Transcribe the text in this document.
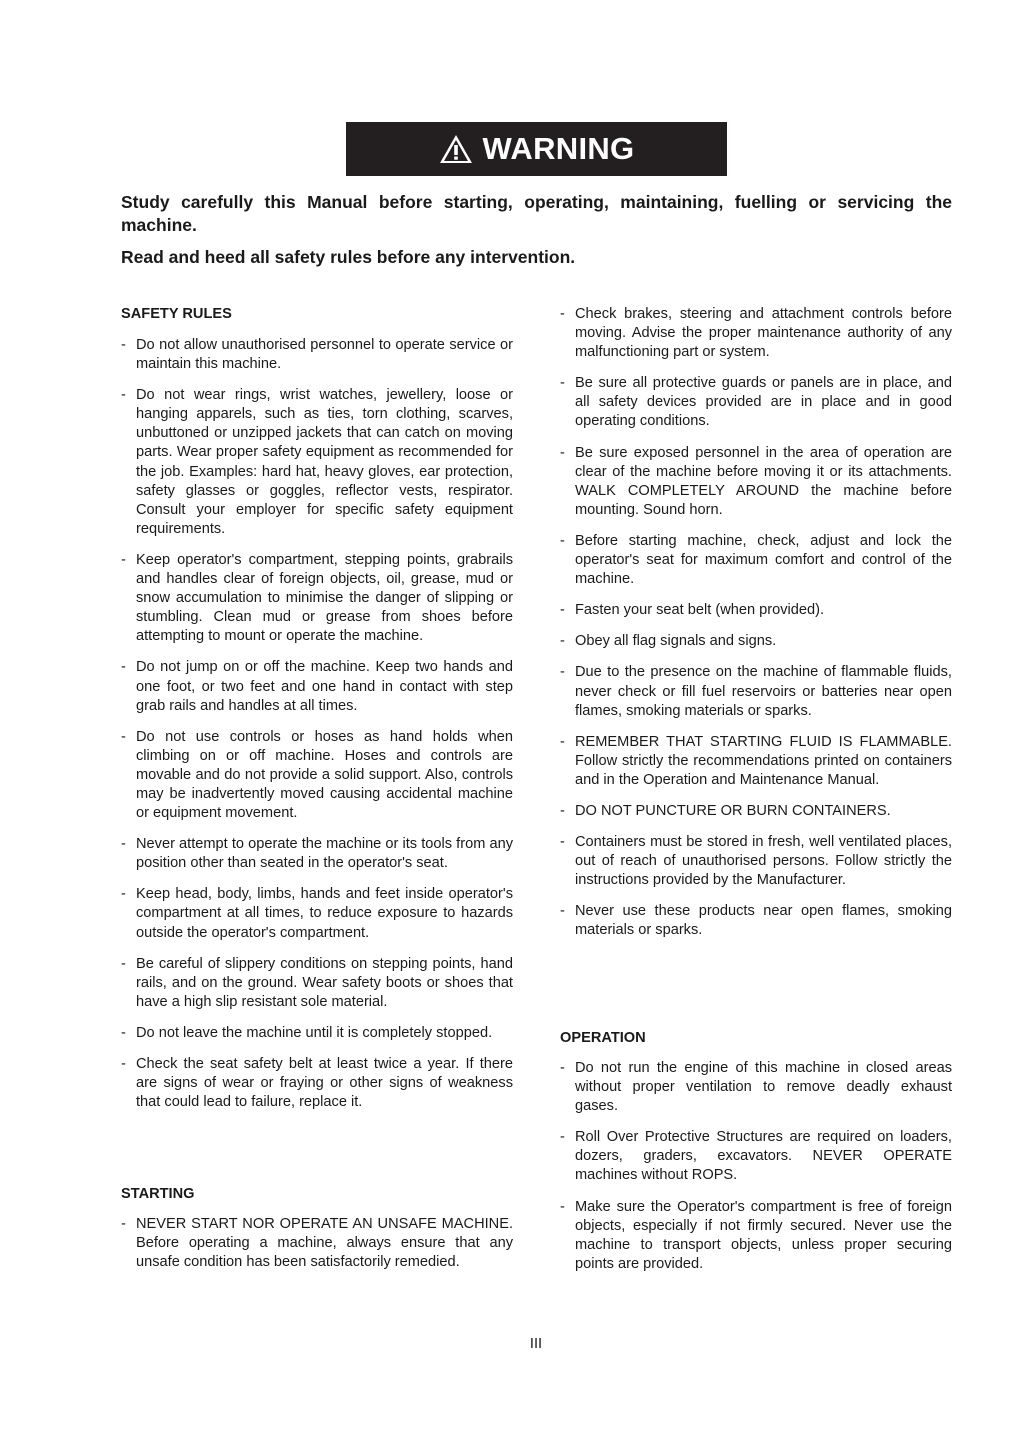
WARNING

Study carefully this Manual before starting, operating, maintaining, fuelling or servicing the machine.

Read and heed all safety rules before any intervention.

SAFETY RULES
- Do not allow unauthorised personnel to operate service or maintain this machine.
- Do not wear rings, wrist watches, jewellery, loose or hanging apparels, such as ties, torn clothing, scarves, unbuttoned or unzipped jackets that can catch on moving parts. Wear proper safety equipment as recommended for the job. Examples: hard hat, heavy gloves, ear protection, safety glasses or goggles, reflector vests, respirator. Consult your employer for specific safety equipment requirements.
- Keep operator's compartment, stepping points, grabrails and handles clear of foreign objects, oil, grease, mud or snow accumulation to minimise the danger of slipping or stumbling. Clean mud or grease from shoes before attempting to mount or operate the machine.
- Do not jump on or off the machine. Keep two hands and one foot, or two feet and one hand in contact with step grab rails and handles at all times.
- Do not use controls or hoses as hand holds when climbing on or off machine. Hoses and controls are movable and do not provide a solid support. Also, controls may be inadvertently moved causing accidental machine or equipment movement.
- Never attempt to operate the machine or its tools from any position other than seated in the operator's seat.
- Keep head, body, limbs, hands and feet inside operator's compartment at all times, to reduce exposure to hazards outside the operator's compartment.
- Be careful of slippery conditions on stepping points, hand rails, and on the ground. Wear safety boots or shoes that have a high slip resistant sole material.
- Do not leave the machine until it is completely stopped.
- Check the seat safety belt at least twice a year. If there are signs of wear or fraying or other signs of weakness that could lead to failure, replace it.
STARTING
- NEVER START NOR OPERATE AN UNSAFE MACHINE. Before operating a machine, always ensure that any unsafe condition has been satisfactorily remedied.
- Check brakes, steering and attachment controls before moving. Advise the proper maintenance authority of any malfunctioning part or system.
- Be sure all protective guards or panels are in place, and all safety devices provided are in place and in good operating conditions.
- Be sure exposed personnel in the area of operation are clear of the machine before moving it or its attachments. WALK COMPLETELY AROUND the machine before mounting. Sound horn.
- Before starting machine, check, adjust and lock the operator's seat for maximum comfort and control of the machine.
- Fasten your seat belt (when provided).
- Obey all flag signals and signs.
- Due to the presence on the machine of flammable fluids, never check or fill fuel reservoirs or batteries near open flames, smoking materials or sparks.
- REMEMBER THAT STARTING FLUID IS FLAMMABLE. Follow strictly the recommendations printed on containers and in the Operation and Maintenance Manual.
- DO NOT PUNCTURE OR BURN CONTAINERS.
- Containers must be stored in fresh, well ventilated places, out of reach of unauthorised persons. Follow strictly the instructions provided by the Manufacturer.
- Never use these products near open flames, smoking materials or sparks.
OPERATION
- Do not run the engine of this machine in closed areas without proper ventilation to remove deadly exhaust gases.
- Roll Over Protective Structures are required on loaders, dozers, graders, excavators. NEVER OPERATE machines without ROPS.
- Make sure the Operator's compartment is free of foreign objects, especially if not firmly secured. Never use the machine to transport objects, unless proper securing points are provided.
III
